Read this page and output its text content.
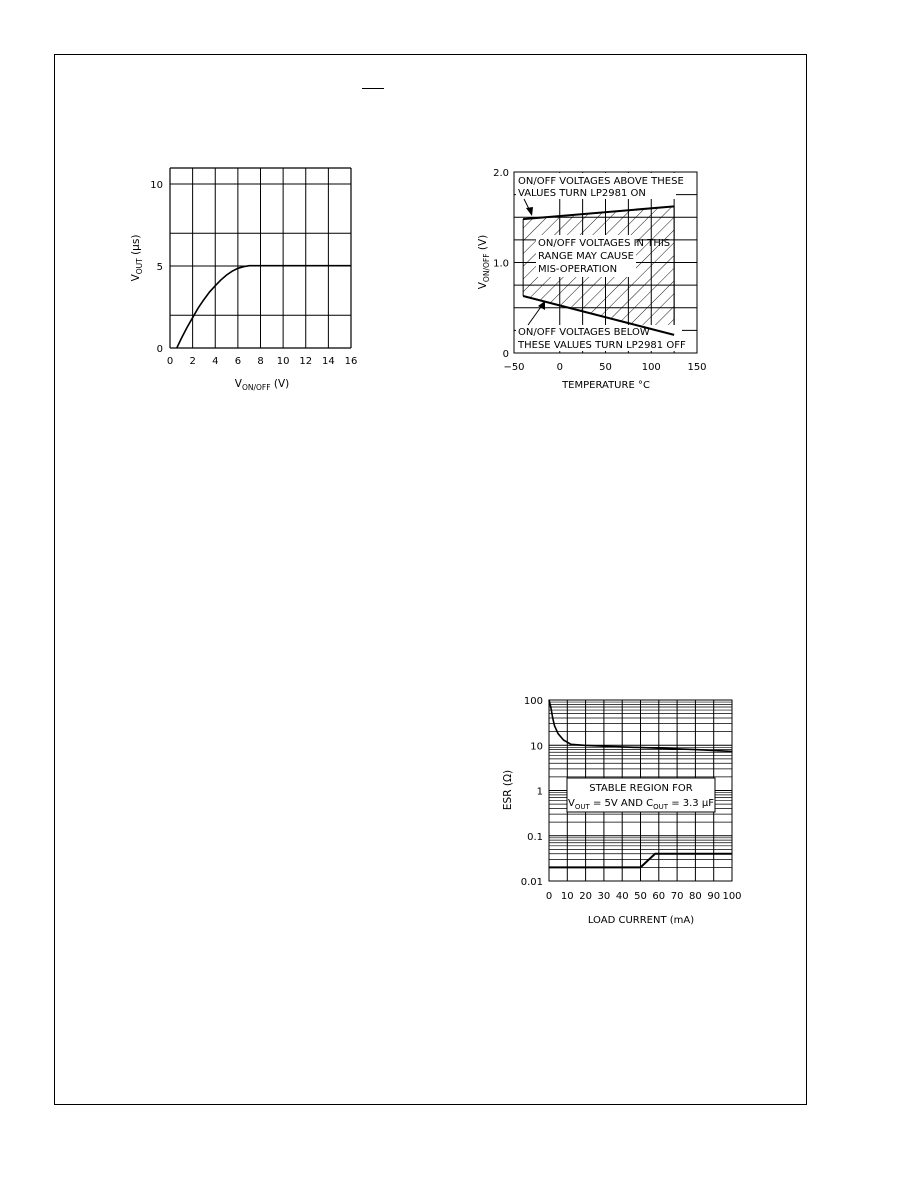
0 2 4 6 8 10 12 14 16
0
5
10
$V_{ON/OFF}$ (V)
$V_{OUT}$ (μs)
ON/OFF VOLTAGES ABOVE THESE
VALUES TURN LP2981 ON
ON/OFF VOLTAGES IN THIS
RANGE MAY CAUSE
MIS-OPERATION
ON/OFF VOLTAGES BELOW
THESE VALUES TURN LP2981 OFF
−50	0	50	100	150
0
1.0
2.0
TEMPERATURE °C
$V_{ON/OFF}$ (V)
STABLE REGION FOR
$V_{OUT} = 5V$ AND $C_{OUT} = 3.3$ μF
0 10 20 30 40 50 60 70 80 90 100
0.01
0.1
1
10
100
LOAD CURRENT (mA)
ESR (Ω)
